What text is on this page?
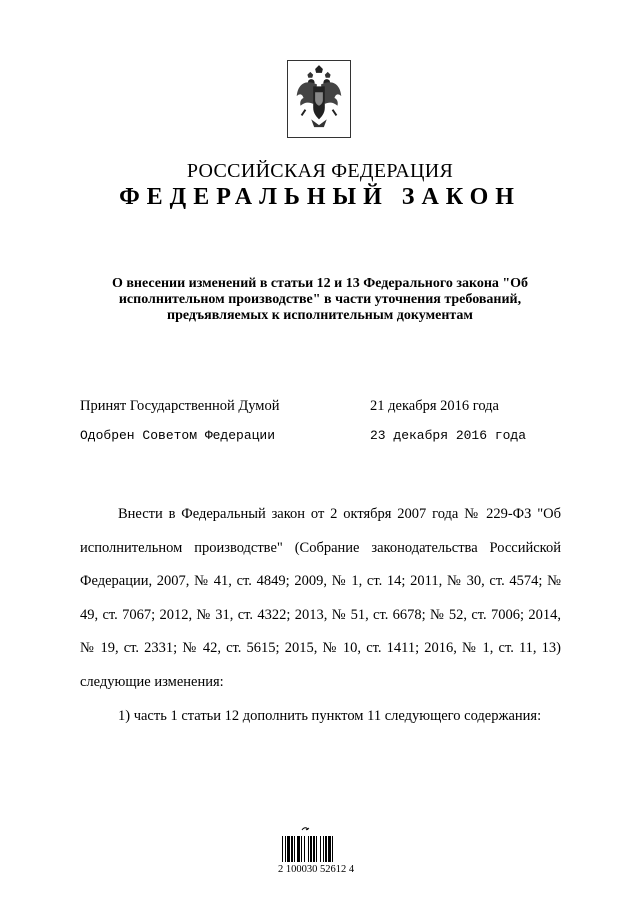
РОССИЙСКАЯ ФЕДЕРАЦИЯ
ФЕДЕРАЛЬНЫЙ ЗАКОН
О внесении изменений в статьи 12 и 13 Федерального закона "Об исполнительном производстве" в части уточнения требований, предъявляемых к исполнительным документам
Принят Государственной Думой	21 декабря 2016 года
Одобрен Советом Федерации	23 декабря 2016 года

Внести в Федеральный закон от 2 октября 2007 года № 229-ФЗ "Об исполнительном производстве" (Собрание законодательства Российской Федерации, 2007, № 41, ст. 4849; 2009, № 1, ст. 14; 2011, № 30, ст. 4574; № 49, ст. 7067; 2012, № 31, ст. 4322; 2013, № 51, ст. 6678; № 52, ст. 7006; 2014, № 19, ст. 2331; № 42, ст. 5615; 2015, № 10, ст. 1411; 2016, № 1, ст. 11, 13) следующие изменения:

1) часть 1 статьи 12 дополнить пунктом 11 следующего содержания:

2 100030 52612 4
